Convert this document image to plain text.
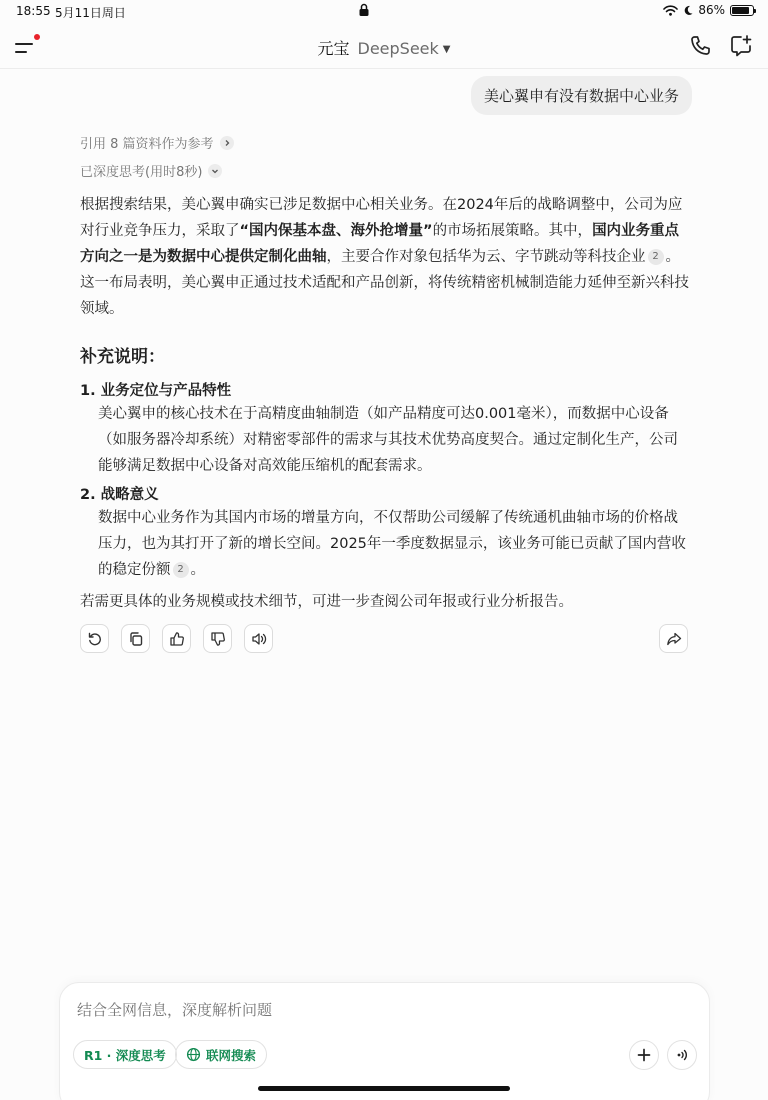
18:55 5月11日周日	86%
元宝 DeepSeek ▼
美心翼申有没有数据中心业务
引用 8 篇资料作为参考
已深度思考(用时8秒)
根据搜索结果，美心翼申确实已涉足数据中心相关业务。在2024年后的战略调整中，公司为应对行业竞争压力，采取了“国内保基本盘、海外抢增量”的市场拓展策略。其中，国内业务重点方向之一是为数据中心提供定制化曲轴，主要合作对象包括华为云、字节跳动等科技企业 2 。这一布局表明，美心翼申正通过技术适配和产品创新，将传统精密机械制造能力延伸至新兴科技领域。
补充说明：
1. 业务定位与产品特性
美心翼申的核心技术在于高精度曲轴制造（如产品精度可达0.001毫米），而数据中心设备（如服务器冷却系统）对精密零部件的需求与其技术优势高度契合。通过定制化生产，公司能够满足数据中心设备对高效能压缩机的配套需求。
2. 战略意义
数据中心业务作为其国内市场的增量方向，不仅帮助公司缓解了传统通机曲轴市场的价格战压力，也为其打开了新的增长空间。2025年一季度数据显示，该业务可能已贡献了国内营收的稳定份额 2 。
若需更具体的业务规模或技术细节，可进一步查阅公司年报或行业分析报告。
结合全网信息，深度解析问题
R1 · 深度思考	联网搜索
